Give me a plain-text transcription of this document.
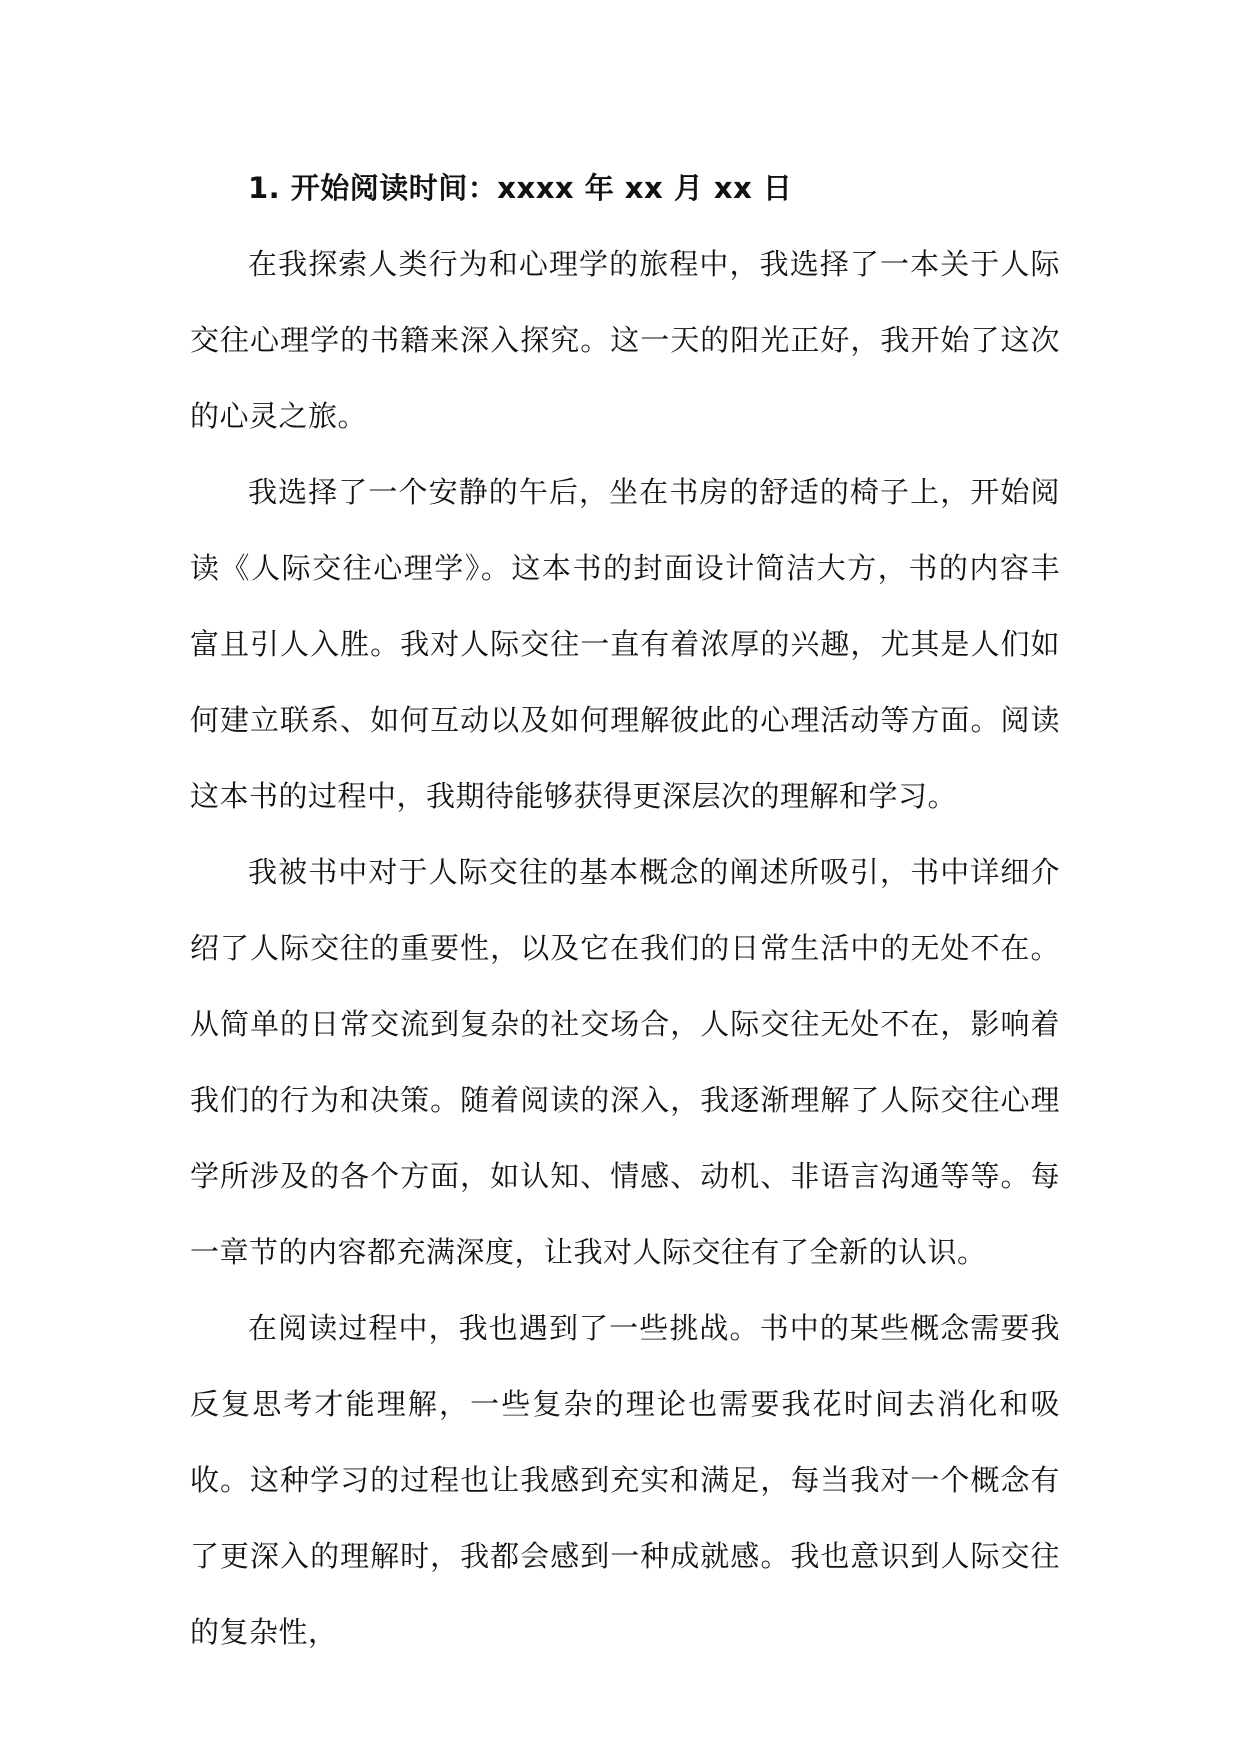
1. 开始阅读时间：xxxx 年 xx 月 xx 日

在我探索人类行为和心理学的旅程中，我选择了一本关于人际交往心理学的书籍来深入探究。这一天的阳光正好，我开始了这次的心灵之旅。

我选择了一个安静的午后，坐在书房的舒适的椅子上，开始阅读《人际交往心理学》。这本书的封面设计简洁大方，书的内容丰富且引人入胜。我对人际交往一直有着浓厚的兴趣，尤其是人们如何建立联系、如何互动以及如何理解彼此的心理活动等方面。阅读这本书的过程中，我期待能够获得更深层次的理解和学习。

我被书中对于人际交往的基本概念的阐述所吸引，书中详细介绍了人际交往的重要性，以及它在我们的日常生活中的无处不在。从简单的日常交流到复杂的社交场合，人际交往无处不在，影响着我们的行为和决策。随着阅读的深入，我逐渐理解了人际交往心理学所涉及的各个方面，如认知、情感、动机、非语言沟通等等。每一章节的内容都充满深度，让我对人际交往有了全新的认识。

在阅读过程中，我也遇到了一些挑战。书中的某些概念需要我反复思考才能理解，一些复杂的理论也需要我花时间去消化和吸收。这种学习的过程也让我感到充实和满足，每当我对一个概念有了更深入的理解时，我都会感到一种成就感。我也意识到人际交往的复杂性，
